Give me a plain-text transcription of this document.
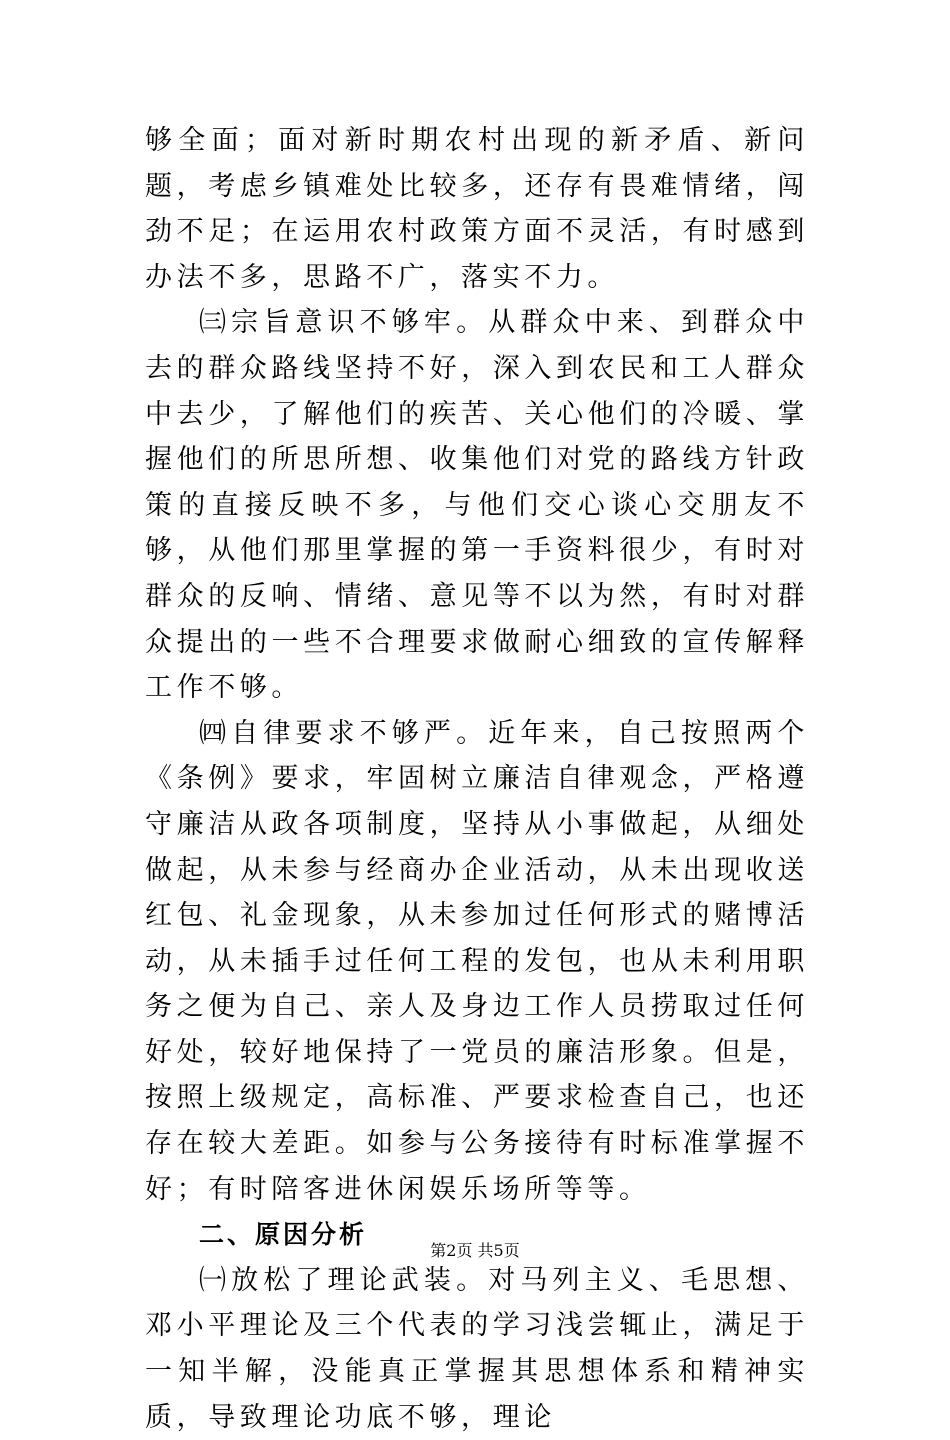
够全面；面对新时期农村出现的新矛盾、新问题，考虑乡镇难处比较多，还存有畏难情绪，闯劲不足；在运用农村政策方面不灵活，有时感到办法不多，思路不广，落实不力。

㈢宗旨意识不够牢。从群众中来、到群众中去的群众路线坚持不好，深入到农民和工人群众中去少，了解他们的疾苦、关心他们的冷暖、掌握他们的所思所想、收集他们对党的路线方针政策的直接反映不多，与他们交心谈心交朋友不够，从他们那里掌握的第一手资料很少，有时对群众的反响、情绪、意见等不以为然，有时对群众提出的一些不合理要求做耐心细致的宣传解释工作不够。

㈣自律要求不够严。近年来，自己按照两个《条例》要求，牢固树立廉洁自律观念，严格遵守廉洁从政各项制度，坚持从小事做起，从细处做起，从未参与经商办企业活动，从未出现收送红包、礼金现象，从未参加过任何形式的赌博活动，从未插手过任何工程的发包，也从未利用职务之便为自己、亲人及身边工作人员捞取过任何好处，较好地保持了一党员的廉洁形象。但是，按照上级规定，高标准、严要求检查自己，也还存在较大差距。如参与公务接待有时标准掌握不好；有时陪客进休闲娱乐场所等等。

二、原因分析

㈠放松了理论武装。对马列主义、毛思想、邓小平理论及三个代表的学习浅尝辄止，满足于一知半解，没能真正掌握其思想体系和精神实质，导致理论功底不够，理论

第2页 共5页
